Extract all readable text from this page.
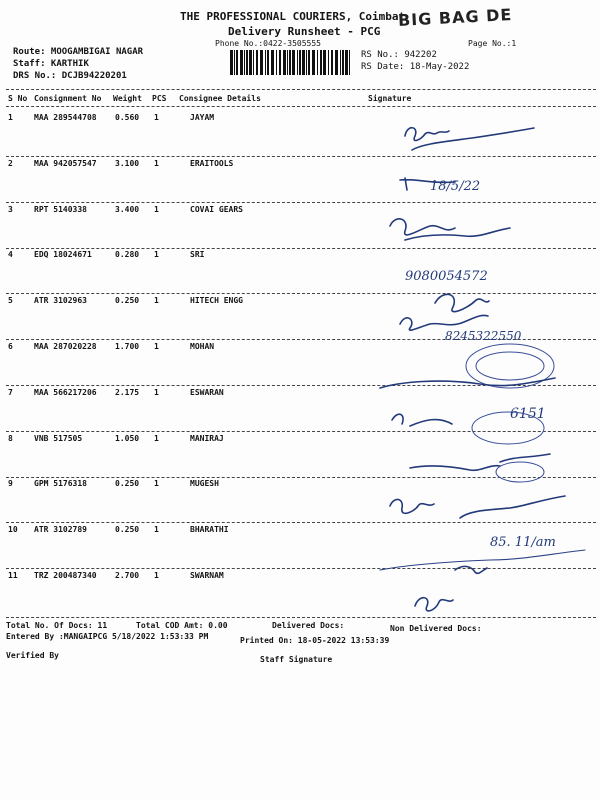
THE PROFESSIONAL COURIERS, Coimbat
Delivery Runsheet - PCG
Phone No.:0422-3505555	Page No.:1
BIG BAG DE
Route: MOOGAMBIGAI NAGAR
Staff: KARTHIK
DRS No.: DCJB94220201
RS No.: 942202
RS Date: 18-May-2022
S No Consignment No Weight PCS Consignee Details	Signature
1	MAA 289544708 0.560 1	JAYAM
2	MAA 942057547 3.100 1	ERAITOOLS
3	RPT 5140338	3.400 1	COVAI GEARS
4	EDQ 18024671	0.280 1	SRI
5	ATR 3102963	0.250 1	HITECH ENGG
6	MAA 287020228 1.700 1	MOHAN
7	MAA 566217206 2.175 1	ESWARAN
8	VNB 517505	1.050 1	MANIRAJ
9	GPM 5176318	0.250 1	MUGESH
10 ATR 3102789	0.250 1	BHARATHI
11 TRZ 200487340 2.700 1	SWARNAM
18/5/22
9080054572
8245322550
6151
85. 11/am
Total No. Of Docs: 11	Total COD Amt: 0.00	Delivered Docs:	Non Delivered Docs:
Entered By :MANGAIPCG 5/18/2022 1:53:33 PM	Printed On: 18-05-2022 13:53:39
Verified By	Staff Signature
